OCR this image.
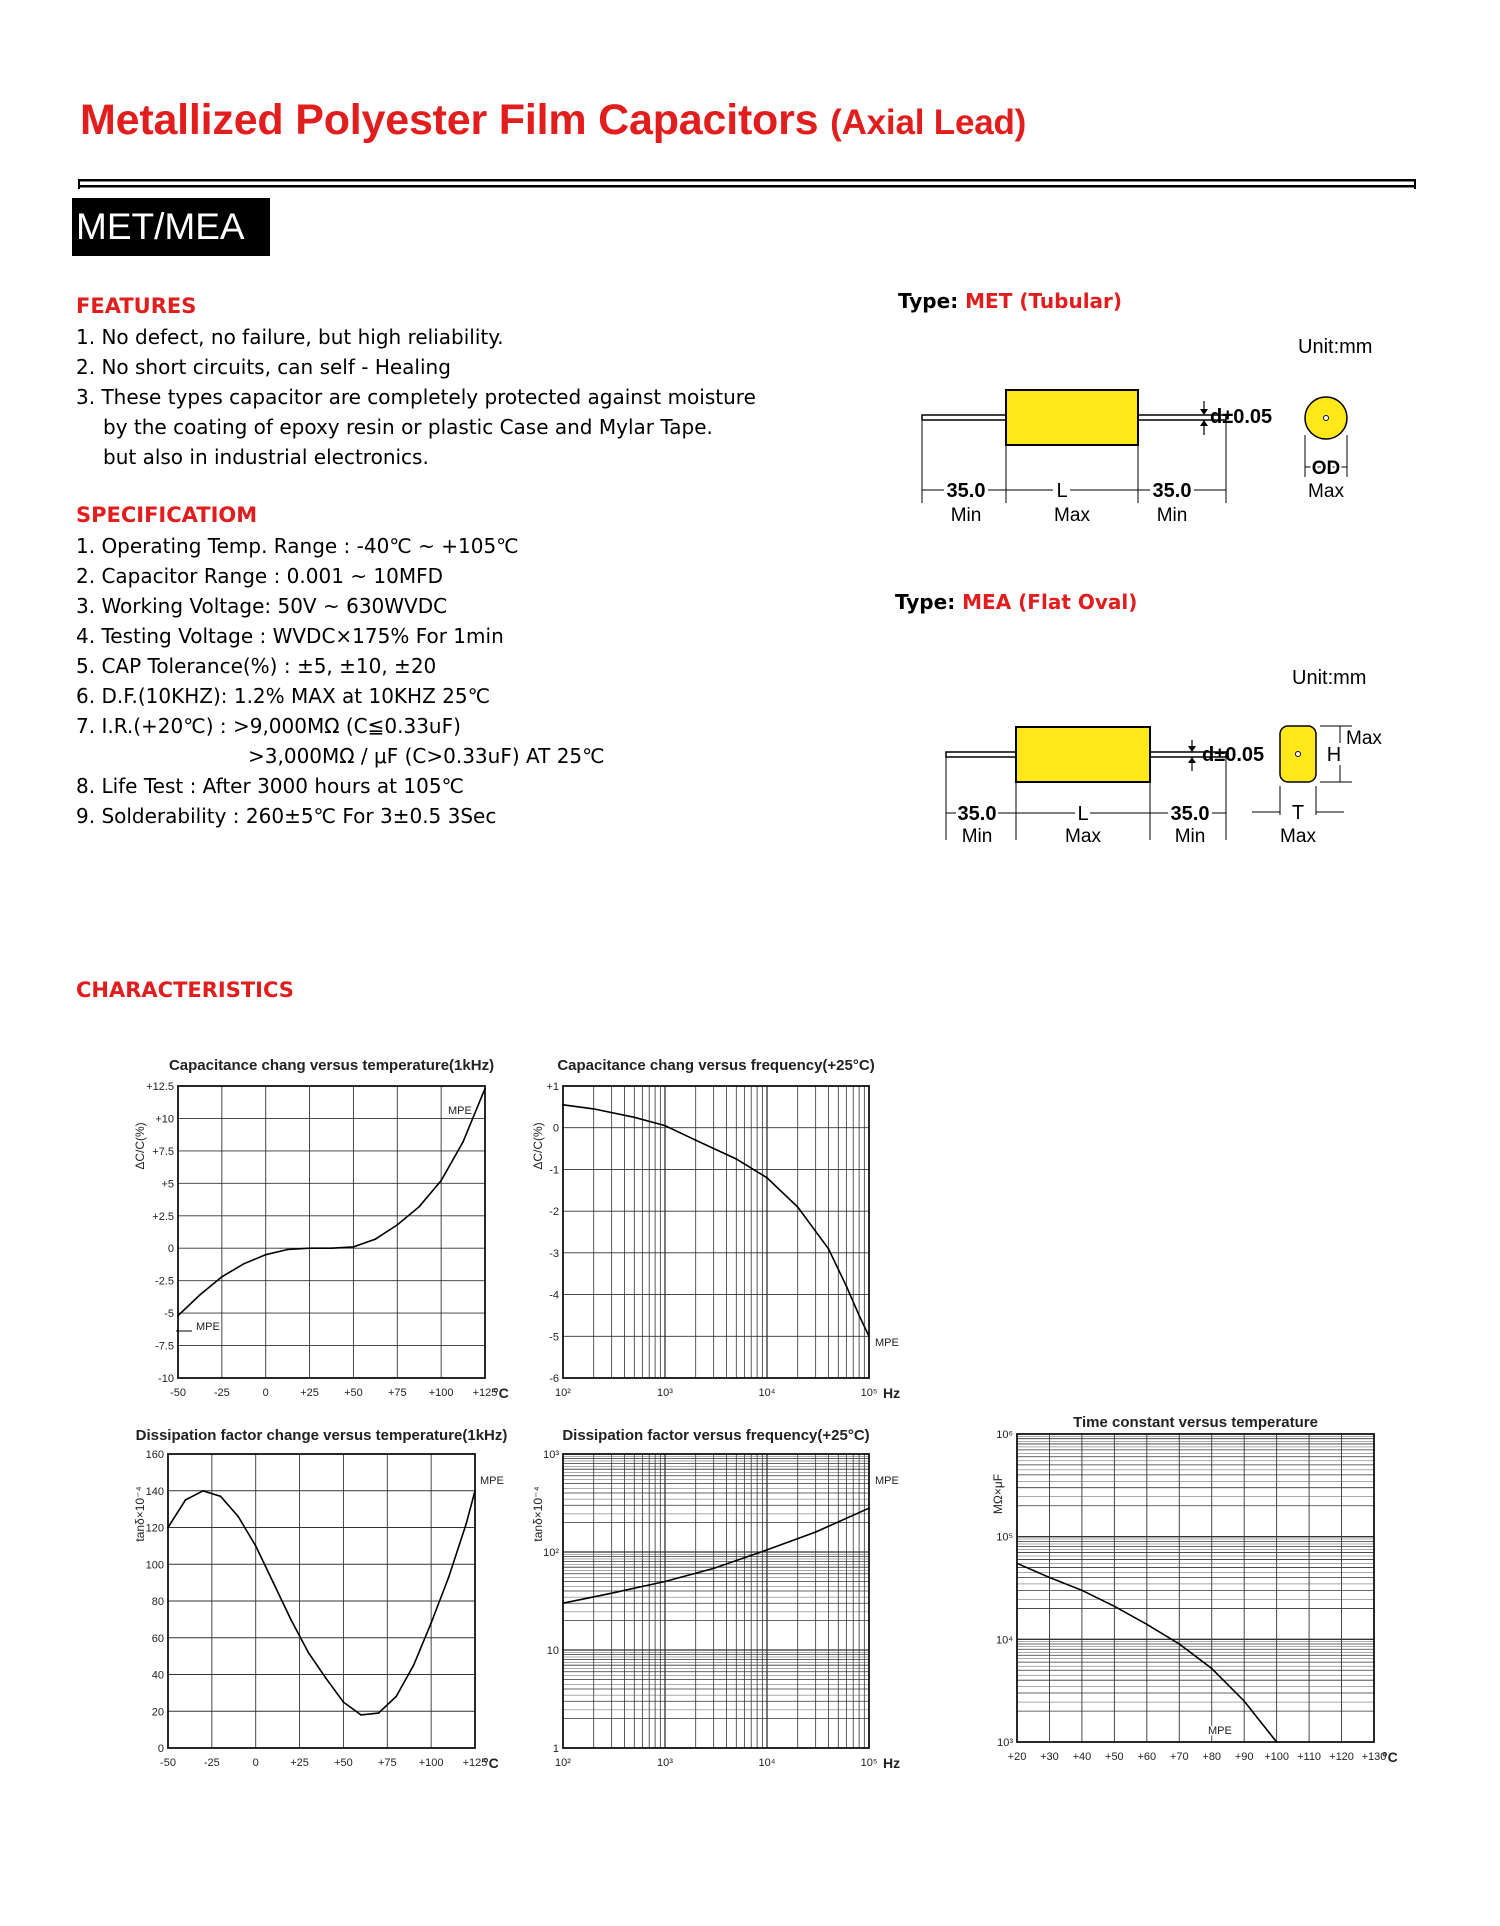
Metallized Polyester Film Capacitors (Axial Lead)
MET/MEA
FEATURES
1. No defect, no failure, but high reliability.
2. No short circuits, can self - Healing
3. These types capacitor are completely protected against moisture
by the coating of epoxy resin or plastic Case and Mylar Tape.
but also in industrial electronics.
SPECIFICATIOM
1. Operating Temp. Range : -40℃ ~ +105℃
2. Capacitor Range : 0.001 ~ 10MFD
3. Working Voltage: 50V ~ 630WVDC
4. Testing Voltage : WVDC×175% For 1min
5. CAP Tolerance(%) : ±5, ±10, ±20
6. D.F.(10KHZ): 1.2% MAX at 10KHZ 25℃
7. I.R.(+20℃) : >9,000MΩ (C≦0.33uF)
>3,000MΩ / μF (C>0.33uF) AT 25℃
8. Life Test : After 3000 hours at 105℃
9. Solderability : 260±5℃ For 3±0.5 3Sec
Type: MET (Tubular)
Unit:mm
d±0.05
35.0
Min
L
Max
35.0
Min
OD
Max
Type: MEA (Flat Oval)
Unit:mm
d±0.05
35.0
Min
L
Max
35.0
Min
H
Max
T
Max
CHARACTERISTICS
Capacitance chang versus temperature(1kHz)
+12.5
+10
+7.5
+5
+2.5
0
-2.5
-5
-7.5
-10
-50	-25	0	+25 +50 +75 +100 +125
°C
ΔC/C(%)
MPE
MPE
Capacitance chang versus frequency(+25°C)
+1
0
-1
-2
-3
-4
-5
-6
10²	10³	10⁴	10⁵ Hz
ΔC/C(%)
MPE
Dissipation factor change versus temperature(1kHz)
160
140
120
100
80
60
40
20
0
-50	-25	0	+25 +50 +75 +100 +125
°C
tanδ×10⁻⁴
MPE
Dissipation factor versus frequency(+25°C)
10³
10²
10
1
10²	10³	10⁴	10⁵ Hz
tanδ×10⁻⁴
MPE
Time constant versus temperature
10⁶
10⁵
10⁴
10³
+20 +30 +40 +50 +60 +70 +80 +90 +100 +110 +120 +130
°C
MΩ×μF
MPE
